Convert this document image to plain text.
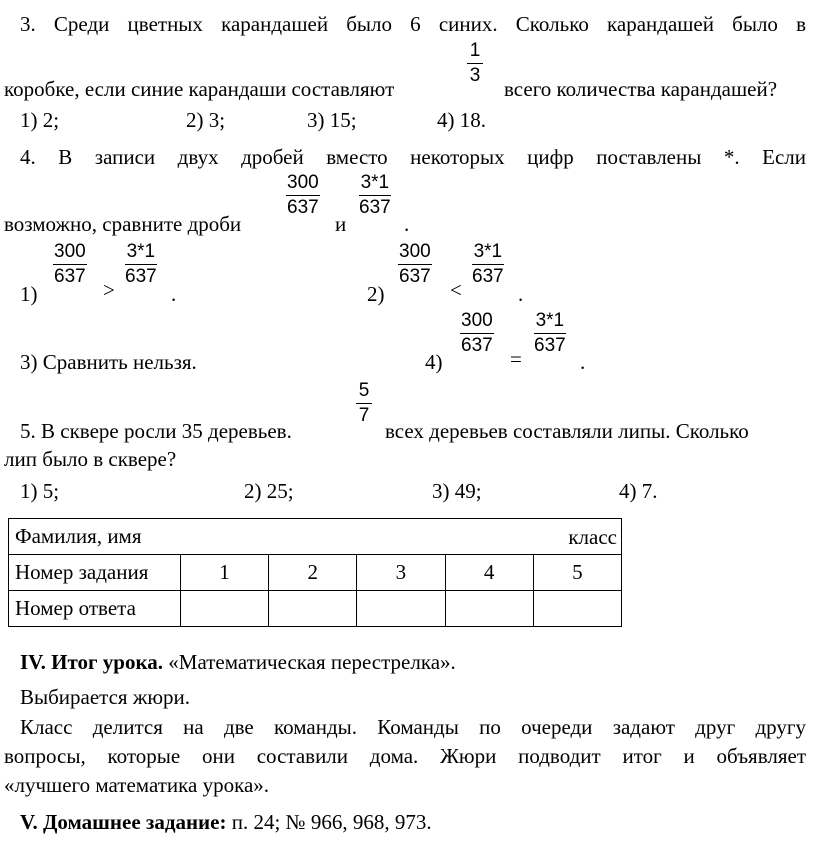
3. Среди цветных карандашей было 6 синих. Сколько карандашей было в
$\frac{1}{3}$
коробке, если синие карандаши составляют	всего количества карандашей?
1) 2;	2) 3;	3) 15;	4) 18.
4. В записи двух дробей вместо некоторых цифр поставлены *. Если
$\frac{300}{637}$
возможно, сравните дроби	и
$\frac{3*1}{637}$
.
1)
$\frac{300}{637}$
>
$\frac{3*1}{637}$
.	2)
$\frac{300}{637}$
<
$\frac{3*1}{637}$
.
3) Сравнить нельзя.	4)
$\frac{300}{637}$
=
$\frac{3*1}{637}$
.
$\frac{5}{7}$
5. В сквере росли 35 деревьев.	всех деревьев составляли липы. Сколько
лип было в сквере?
1) 5;	2) 25;	3) 49;	4) 7.
Фамилия, имя класс					

Номер задания	1	2	3	4	5
Номер ответа					
IV. Итог урока. «Математическая перестрелка».
Выбирается жюри.
Класс делится на две команды. Команды по очереди задают друг другу
вопросы, которые они составили дома. Жюри подводит итог и объявляет
«лучшего математика урока».
V. Домашнее задание: п. 24; № 966, 968, 973.
